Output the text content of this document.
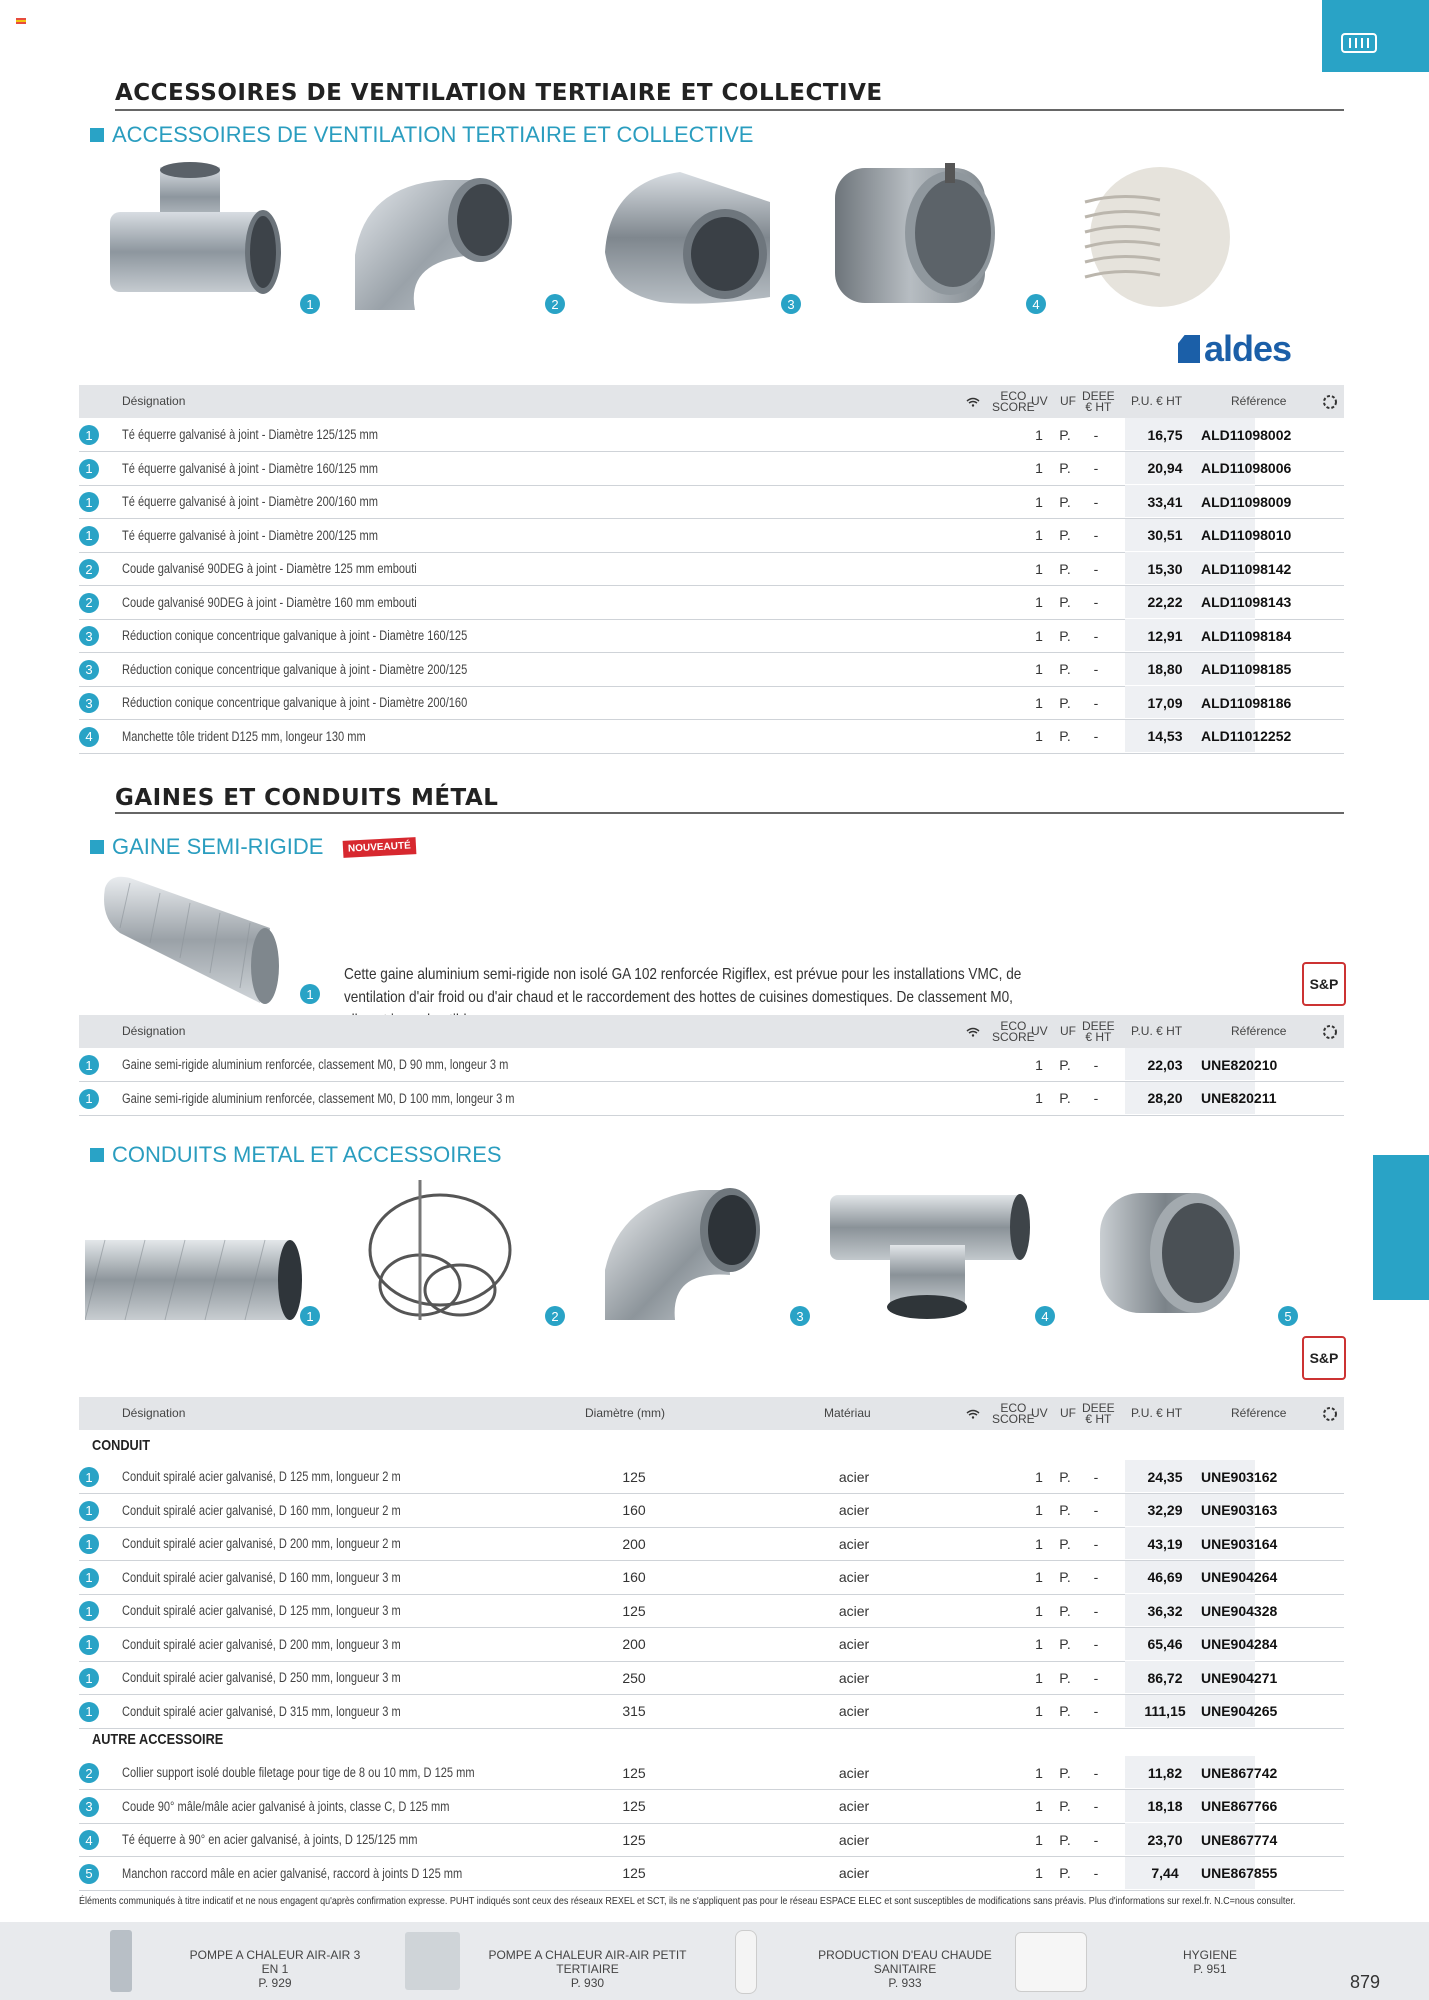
ACCESSOIRES DE VENTILATION TERTIAIRE ET COLLECTIVE
ACCESSOIRES DE VENTILATION TERTIAIRE ET COLLECTIVE
1	2	3	4
aldes
Désignation	ECO SCORE
UV UF DEEE € HT P.U. € HT	Référence
1	Té équerre galvanisé à joint - Diamètre 125/125 mm	1	P.	-	16,75	ALD11098002
1	Té équerre galvanisé à joint - Diamètre 160/125 mm	1	P.	-	20,94	ALD11098006
1	Té équerre galvanisé à joint - Diamètre 200/160 mm	1	P.	-	33,41	ALD11098009
1	Té équerre galvanisé à joint - Diamètre 200/125 mm	1	P.	-	30,51	ALD11098010
2	Coude galvanisé 90DEG à joint - Diamètre 125 mm embouti	1	P.	-	15,30	ALD11098142
2	Coude galvanisé 90DEG à joint - Diamètre 160 mm embouti	1	P.	-	22,22	ALD11098143
3	Réduction conique concentrique galvanique à joint - Diamètre 160/125	1	P.	-	12,91	ALD11098184
3	Réduction conique concentrique galvanique à joint - Diamètre 200/125	1	P.	-	18,80	ALD11098185
3	Réduction conique concentrique galvanique à joint - Diamètre 200/160	1	P.	-	17,09	ALD11098186
4	Manchette tôle trident D125 mm, longeur 130 mm	1	P.	-	14,53	ALD11012252
GAINES ET CONDUITS MÉTAL
GAINE SEMI-RIGIDE	NOUVEAUTÉ
1
Cette gaine aluminium semi-rigide non isolé GA 102 renforcée Rigiflex, est prévue pour les installations VMC, de ventilation d'air froid ou d'air chaud et le raccordement des hottes de cuisines domestiques. De classement M0,
S&P
Désignation	ECO SCORE
UV UF DEEE € HT P.U. € HT	Référence
1	Gaine semi-rigide aluminium renforcée, classement M0, D 90 mm, longeur 3 m	1	P.	-	22,03	UNE820210
1	Gaine semi-rigide aluminium renforcée, classement M0, D 100 mm, longeur 3 m	1	P.	-	28,20	UNE820211
CONDUITS METAL ET ACCESSOIRES
1	2	3	4	5
S&P
Désignation	Diamètre (mm)	Matériau	ECO SCORE
UV UF DEEE € HT P.U. € HT	Référence
CONDUIT
1	Conduit spiralé acier galvanisé, D 125 mm, longueur 2 m	125	acier	1	P.	-	24,35	UNE903162
1	Conduit spiralé acier galvanisé, D 160 mm, longueur 2 m	160	acier	1	P.	-	32,29	UNE903163
1	Conduit spiralé acier galvanisé, D 200 mm, longueur 2 m	200	acier	1	P.	-	43,19	UNE903164
1	Conduit spiralé acier galvanisé, D 160 mm, longueur 3 m	160	acier	1	P.	-	46,69	UNE904264
1	Conduit spiralé acier galvanisé, D 125 mm, longueur 3 m	125	acier	1	P.	-	36,32	UNE904328
1	Conduit spiralé acier galvanisé, D 200 mm, longueur 3 m	200	acier	1	P.	-	65,46	UNE904284
1	Conduit spiralé acier galvanisé, D 250 mm, longueur 3 m	250	acier	1	P.	-	86,72	UNE904271
1	Conduit spiralé acier galvanisé, D 315 mm, longueur 3 m	315	acier	1	P.	-	111,15	UNE904265
AUTRE ACCESSOIRE
2	Collier support isolé double filetage pour tige de 8 ou 10 mm, D 125 mm	125	acier	1	P.	-	11,82	UNE867742
3	Coude 90° mâle/mâle acier galvanisé à joints, classe C, D 125 mm	125	acier	1	P.	-	18,18	UNE867766
4	Té équerre à 90° en acier galvanisé, à joints, D 125/125 mm	125	acier	1	P.	-	23,70	UNE867774
5	Manchon raccord mâle en acier galvanisé, raccord à joints D 125 mm	125	acier	1	P.	-	7,44	UNE867855
Éléments communiqués à titre indicatif et ne nous engagent qu'après confirmation expresse. PUHT indiqués sont ceux des réseaux REXEL et SCT, ils ne s'appliquent pas pour le réseau ESPACE ELEC et sont susceptibles de modifications sans préavis. Plus d'informations sur rexel.fr. N.C=nous consulter.
POMPE A CHALEUR AIR-AIR 3 EN 1
P. 929
POMPE A CHALEUR AIR-AIR PETIT TERTIAIRE
P. 930
PRODUCTION D'EAU CHAUDE SANITAIRE
P. 933
HYGIENE
P. 951
879
